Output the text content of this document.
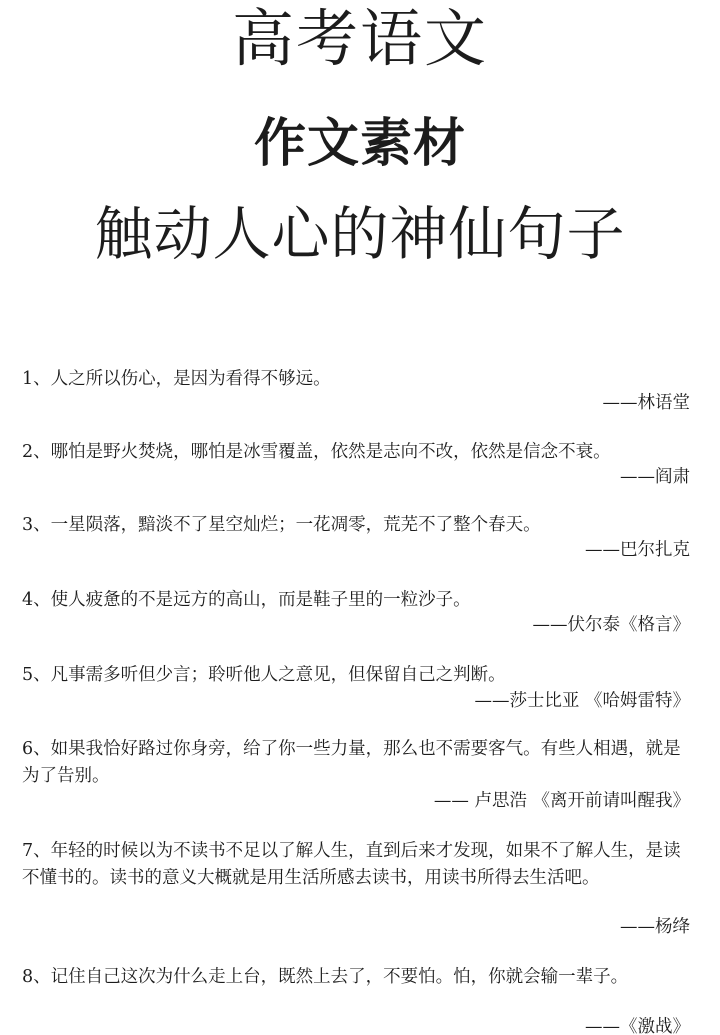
高考语文
作文素材
触动人心的神仙句子
1、人之所以伤心，是因为看得不够远。
——林语堂
2、哪怕是野火焚烧，哪怕是冰雪覆盖，依然是志向不改，依然是信念不衰。
——阎肃
3、一星陨落，黯淡不了星空灿烂；一花凋零，荒芜不了整个春天。
——巴尔扎克
4、使人疲惫的不是远方的高山，而是鞋子里的一粒沙子。
——伏尔泰《格言》
5、凡事需多听但少言；聆听他人之意见，但保留自己之判断。
——莎士比亚 《哈姆雷特》
6、如果我恰好路过你身旁，给了你一些力量，那么也不需要客气。有些人相遇，就是为了告别。
—— 卢思浩 《离开前请叫醒我》
7、年轻的时候以为不读书不足以了解人生，直到后来才发现，如果不了解人生，是读不懂书的。读书的意义大概就是用生活所感去读书，用读书所得去生活吧。
——杨绛
8、记住自己这次为什么走上台，既然上去了，不要怕。怕，你就会输一辈子。
——《激战》
